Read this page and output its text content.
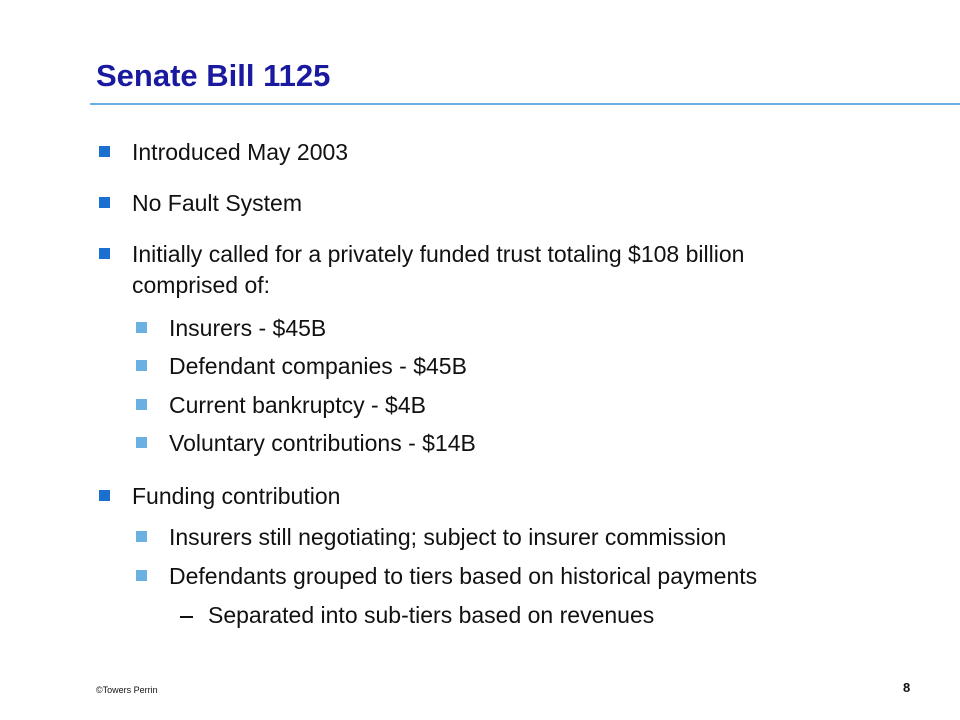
Senate Bill 1125
Introduced May 2003
No Fault System
Initially called for a privately funded trust totaling $108 billion
comprised of:
Insurers - $45B
Defendant companies - $45B
Current bankruptcy - $4B
Voluntary contributions - $14B
Funding contribution
Insurers still negotiating; subject to insurer commission
Defendants grouped to tiers based on historical payments
Separated into sub-tiers based on revenues
©Towers Perrin	8
